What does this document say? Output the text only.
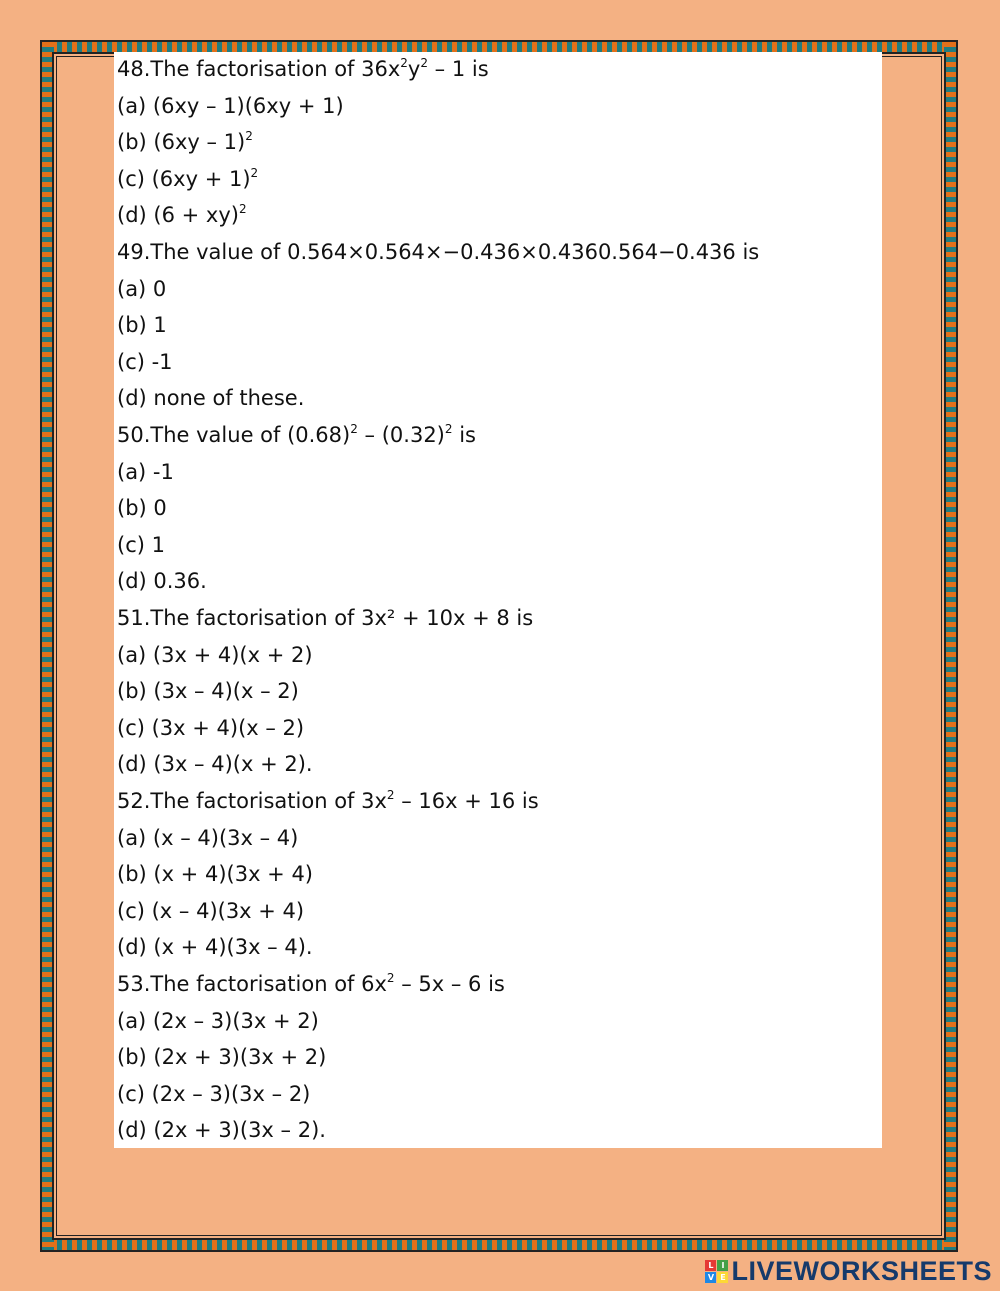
48.The factorisation of $36x^2y^2 - 1$ is
(a) (6xy – 1)(6xy + 1)
(b) (6xy – 1)$^2$
(c) $(6xy + 1)^2$
(d) (6 + xy)$^2$
49.The value of 0.564×0.564×−0.436×0.4360.564−0.436 is
(a) 0
(b) 1
(c) -1
(d) none of these.
50.The value of $(0.68)^2 - (0.32)^2$ is
(a) -1
(b) 0
(c) 1
(d) 0.36.
51.The factorisation of 3x² + 10x + 8 is
(a) (3x + 4)(x + 2)
(b) (3x – 4)(x – 2)
(c) (3x + 4)(x – 2)
(d) (3x – 4)(x + 2).
52.The factorisation of $3x^2 - 16x + 16$ is
(a) (x – 4)(3x – 4)
(b) (x + 4)(3x + 4)
(c) (x – 4)(3x + 4)
(d) (x + 4)(3x – 4).
53.The factorisation of $6x^2 - 5x - 6$ is
(a) (2x – 3)(3x + 2)
(b) (2x + 3)(3x + 2)
(c) (2x – 3)(3x – 2)
(d) (2x + 3)(3x – 2).
L I
V E LIVEWORKSHEETS
